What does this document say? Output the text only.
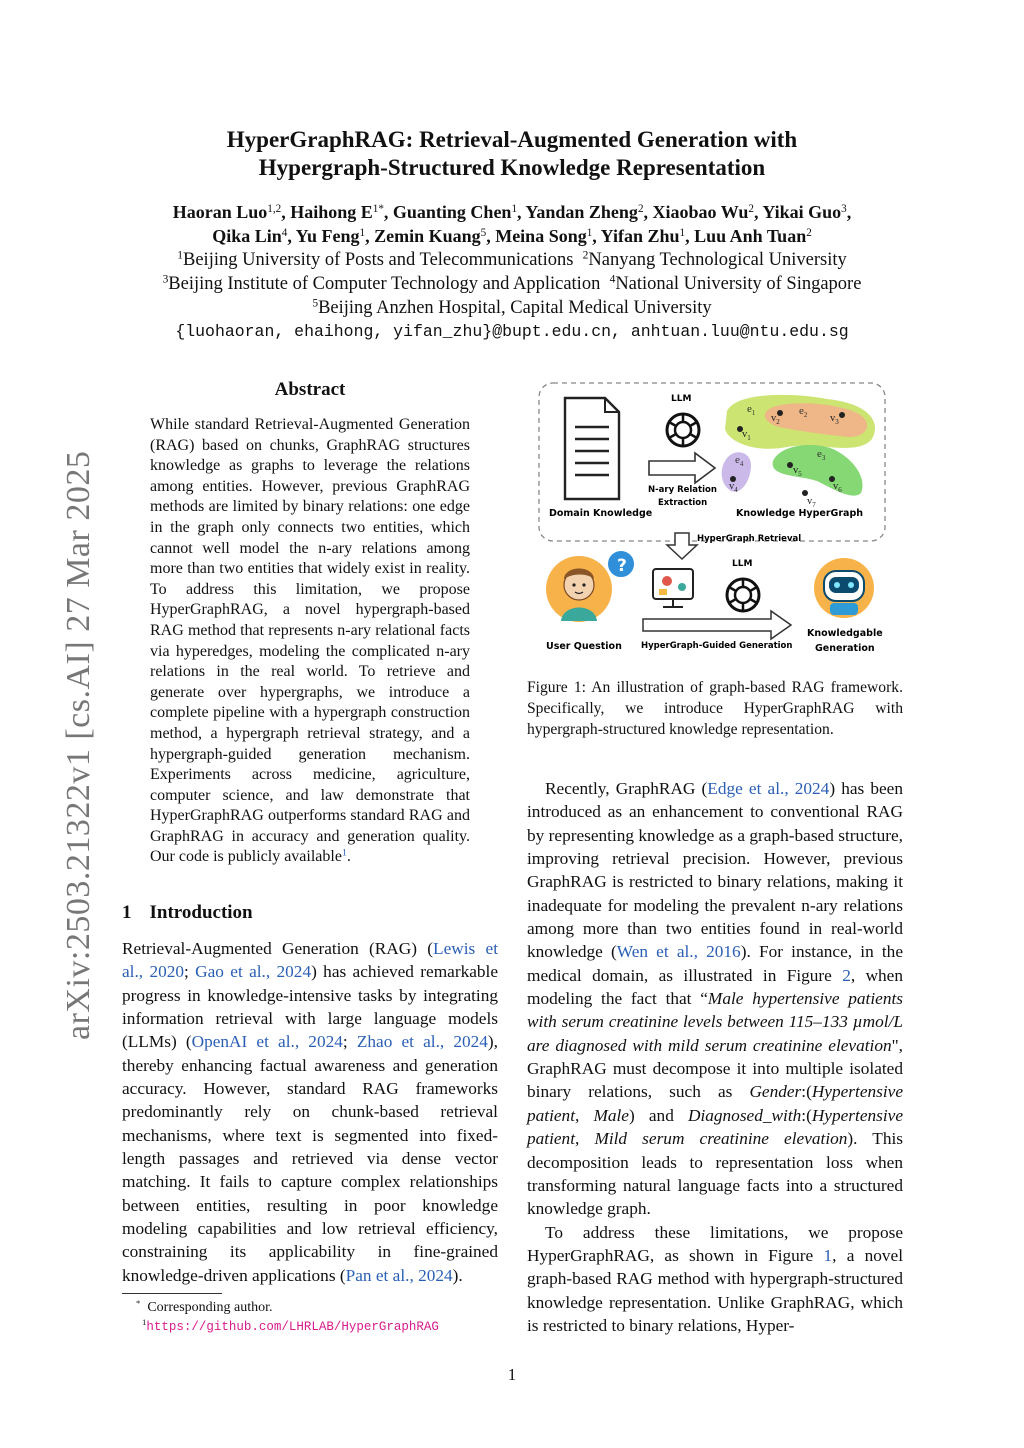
HyperGraphRAG: Retrieval-Augmented Generation with
Hypergraph-Structured Knowledge Representation
Haoran Luo$^{1,2}$, Haihong $E^{1*}$, Guanting Chen$^1$, Yandan Zheng$^2$, Xiaobao Wu$^2$, Yikai Guo$^3$,
Qika Lin$^4$, Yu Feng$^1$, Zemin Kuang$^5$, Meina Song$^1$, Yifan Zhu$^1$, Luu Anh Tuan$^2$
$^1$Beijing University of Posts and Telecommunications $^2$Nanyang Technological University
$^3$Beijing Institute of Computer Technology and Application $^4$National University of Singapore
$^5$Beijing Anzhen Hospital, Capital Medical University
{luohaoran, ehaihong, yifan_zhu}@bupt.edu.cn, anhtuan.luu@ntu.edu.sg
arXiv:2503.21322v1 [cs.AI] 27 Mar 2025
Abstract
While standard Retrieval-Augmented Generation (RAG) based on chunks, GraphRAG structures knowledge as graphs to leverage the relations among entities. However, previous GraphRAG methods are limited by binary relations: one edge in the graph only connects two entities, which cannot well model the n-ary relations among more than two entities that widely exist in reality. To address this limitation, we propose HyperGraphRAG, a novel hypergraph-based RAG method that represents n-ary relational facts via hyperedges, modeling the complicated n-ary relations in the real world. To retrieve and generate over hypergraphs, we introduce a complete pipeline with a hypergraph construction method, a hypergraph retrieval strategy, and a hypergraph-guided generation mechanism. Experiments across medicine, agriculture, computer science, and law demonstrate that HyperGraphRAG outperforms standard RAG and GraphRAG in accuracy and generation quality. Our code is publicly available$^1$.
1 Introduction
Retrieval-Augmented Generation (RAG) (Lewis et al., 2020; Gao et al., 2024) has achieved remarkable progress in knowledge-intensive tasks by integrating information retrieval with large language models (LLMs) (OpenAI et al., 2024; Zhao et al., 2024), thereby enhancing factual awareness and generation accuracy. However, standard RAG frameworks predominantly rely on chunk-based retrieval mechanisms, where text is segmented into fixed-length passages and retrieved via dense vector matching. It fails to capture complex relationships between entities, resulting in poor knowledge modeling capabilities and low retrieval efficiency, constraining its applicability in fine-grained knowledge-driven applications (Pan et al., 2024).
* Corresponding author.
$^1$https://github.com/LHRLAB/HyperGraphRAG
Domain Knowledge
LLM
N-ary Relation
Extraction
$e_1$	$e_2$
$e_3$
$e_4$
$v_1$
$v_2$	$v_3$
$v_4$
$v_5$
$v_6$
$v_7$
Knowledge HyperGraph
HyperGraph Retrieval
?
User Question
LLM
HyperGraph-Guided Generation
Knowledgable
Generation
Figure 1: An illustration of graph-based RAG framework. Specifically, we introduce HyperGraphRAG with hypergraph-structured knowledge representation.
Recently, GraphRAG (Edge et al., 2024) has been introduced as an enhancement to conventional RAG by representing knowledge as a graph-based structure, improving retrieval precision. However, previous GraphRAG is restricted to binary relations, making it inadequate for modeling the prevalent n-ary relations among more than two entities found in real-world knowledge (Wen et al., 2016). For instance, in the medical domain, as illustrated in Figure 2, when modeling the fact that “Male hypertensive patients with serum creatinine levels between 115–133 µmol/L are diagnosed with mild serum creatinine elevation", GraphRAG must decompose it into multiple isolated binary relations, such as Gender:(Hypertensive patient, Male) and Diagnosed_with:(Hypertensive patient, Mild serum creatinine elevation). This decomposition leads to representation loss when transforming natural language facts into a structured knowledge graph.
To address these limitations, we propose HyperGraphRAG, as shown in Figure 1, a novel graph-based RAG method with hypergraph-structured knowledge representation. Unlike GraphRAG, which is restricted to binary relations, Hyper-
1
